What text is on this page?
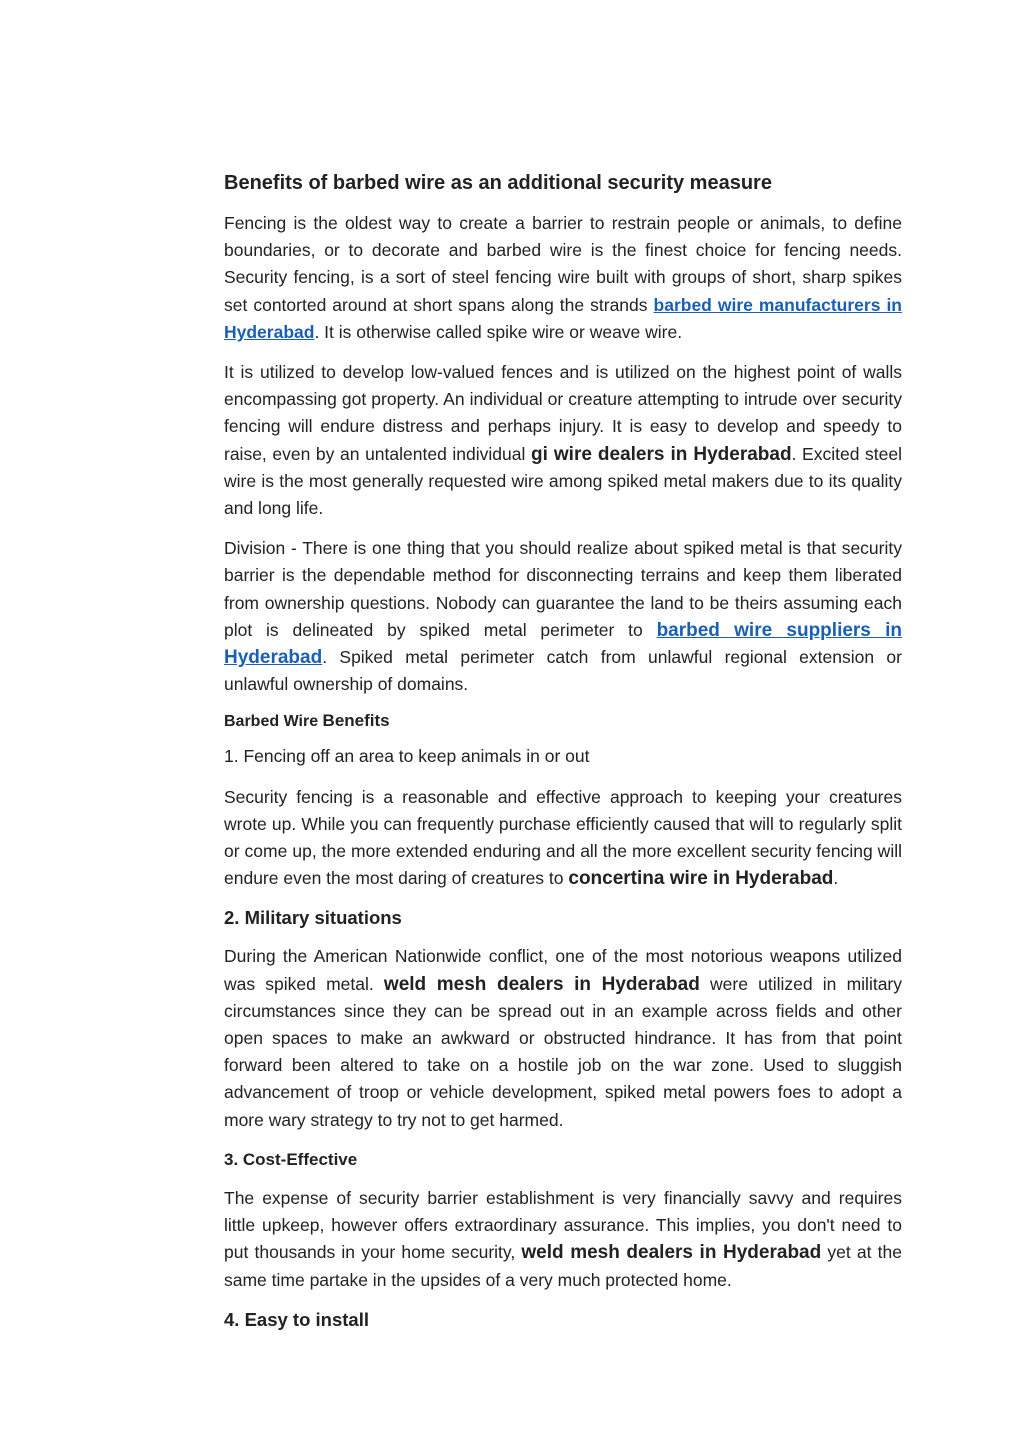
Benefits of barbed wire as an additional security measure

Fencing is the oldest way to create a barrier to restrain people or animals, to define boundaries, or to decorate and barbed wire is the finest choice for fencing needs. Security fencing, is a sort of steel fencing wire built with groups of short, sharp spikes set contorted around at short spans along the strands barbed wire manufacturers in Hyderabad. It is otherwise called spike wire or weave wire.

It is utilized to develop low-valued fences and is utilized on the highest point of walls encompassing got property. An individual or creature attempting to intrude over security fencing will endure distress and perhaps injury. It is easy to develop and speedy to raise, even by an untalented individual gi wire dealers in Hyderabad. Excited steel wire is the most generally requested wire among spiked metal makers due to its quality and long life.

Division - There is one thing that you should realize about spiked metal is that security barrier is the dependable method for disconnecting terrains and keep them liberated from ownership questions. Nobody can guarantee the land to be theirs assuming each plot is delineated by spiked metal perimeter to barbed wire suppliers in Hyderabad. Spiked metal perimeter catch from unlawful regional extension or unlawful ownership of domains.

Barbed Wire Benefits

1. Fencing off an area to keep animals in or out

Security fencing is a reasonable and effective approach to keeping your creatures wrote up. While you can frequently purchase efficiently caused that will to regularly split or come up, the more extended enduring and all the more excellent security fencing will endure even the most daring of creatures to concertina wire in Hyderabad.

2. Military situations

During the American Nationwide conflict, one of the most notorious weapons utilized was spiked metal. weld mesh dealers in Hyderabad were utilized in military circumstances since they can be spread out in an example across fields and other open spaces to make an awkward or obstructed hindrance. It has from that point forward been altered to take on a hostile job on the war zone. Used to sluggish advancement of troop or vehicle development, spiked metal powers foes to adopt a more wary strategy to try not to get harmed.

3. Cost-Effective

The expense of security barrier establishment is very financially savvy and requires little upkeep, however offers extraordinary assurance. This implies, you don't need to put thousands in your home security, weld mesh dealers in Hyderabad yet at the same time partake in the upsides of a very much protected home.

4. Easy to install
